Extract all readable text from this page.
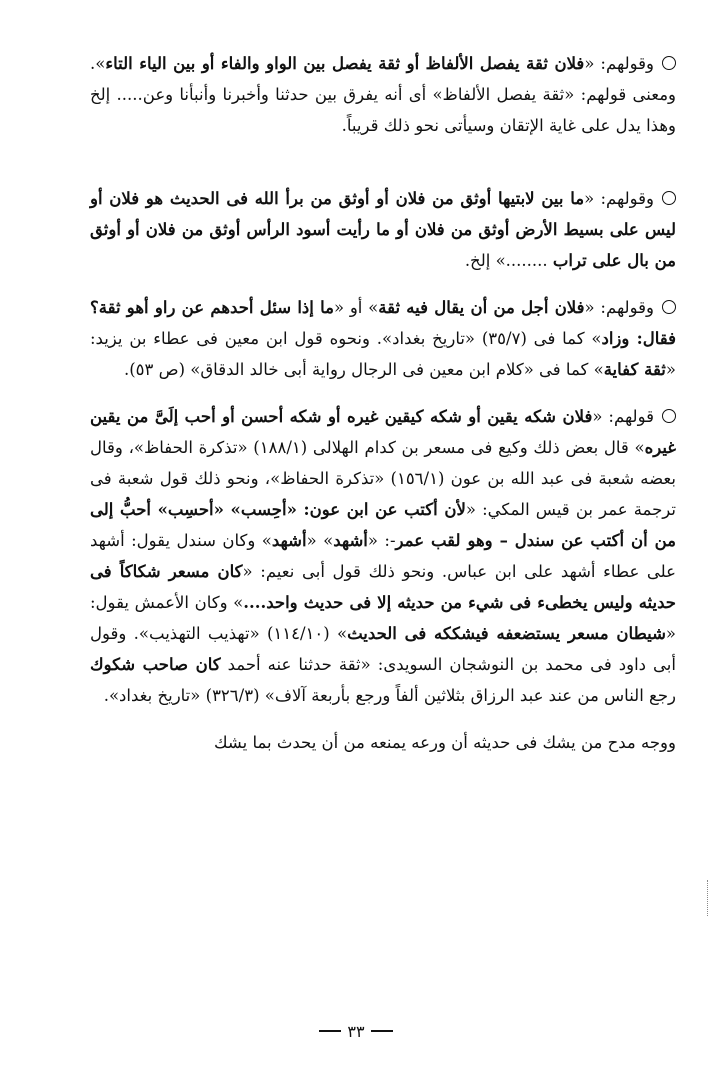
وقولهم: «فلان ثقة يفصل الألفاظ أو ثقة يفصل بين الواو والفاء أو بين الياء التاء». ومعنى قولهم: «ثقة يفصل الألفاظ» أى أنه يفرق بين حدثنا وأخبرنا وأنبأنا وعن..... إلخ وهذا يدل على غاية الإتقان وسيأتى نحو ذلك قريباً.

وقولهم: «ما بين لابتيها أوثق من فلان أو أوثق من برأ الله فى الحديث هو فلان أو ليس على بسيط الأرض أوثق من فلان أو ما رأيت أسود الرأس أوثق من فلان أو أوثق من بال على تراب ........» إلخ.

وقولهم: «فلان أجل من أن يقال فيه ثقة» أو «ما إذا سئل أحدهم عن راو أهو ثقة؟ فقال: وزاد» كما فى (٣٥/٧) «تاريخ بغداد». ونحوه قول ابن معين فى عطاء بن يزيد: «ثقة كفاية» كما فى «كلام ابن معين فى الرجال رواية أبى خالد الدقاق» (ص ٥٣).

قولهم: «فلان شكه يقين أو شكه كيقين غيره أو شكه أحسن أو أحب إلَىَّ من يقين غيره» قال بعض ذلك وكيع فى مسعر بن كدام الهلالى (١٨٨/١) «تذكرة الحفاظ»، وقال بعضه شعبة فى عبد الله بن عون (١٥٦/١) «تذكرة الحفاظ»، ونحو ذلك قول شعبة فى ترجمة عمر بن قيس المكي: «لأن أكتب عن ابن عون: «أحِسب» «أحسِب» أحبُّ إلى من أن أكتب عن سندل – وهو لقب عمر-: «أشهد» «أشهد» وكان سندل يقول: أشهد على عطاء أشهد على ابن عباس. ونحو ذلك قول أبى نعيم: «كان مسعر شكاكاً فى حديثه وليس يخطىء فى شيء من حديثه إلا فى حديث واحد....» وكان الأعمش يقول: «شيطان مسعر يستضعفه فيشككه فى الحديث» (١١٤/١٠) «تهذيب التهذيب». وقول أبى داود فى محمد بن النوشجان السويدى: «ثقة حدثنا عنه أحمد كان صاحب شكوك رجع الناس من عند عبد الرزاق بثلاثين ألفاً ورجع بأربعة آلاف» (٣٢٦/٣) «تاريخ بغداد».

ووجه مدح من يشك فى حديثه أن ورعه يمنعه من أن يحدث بما يشك

٣٣
